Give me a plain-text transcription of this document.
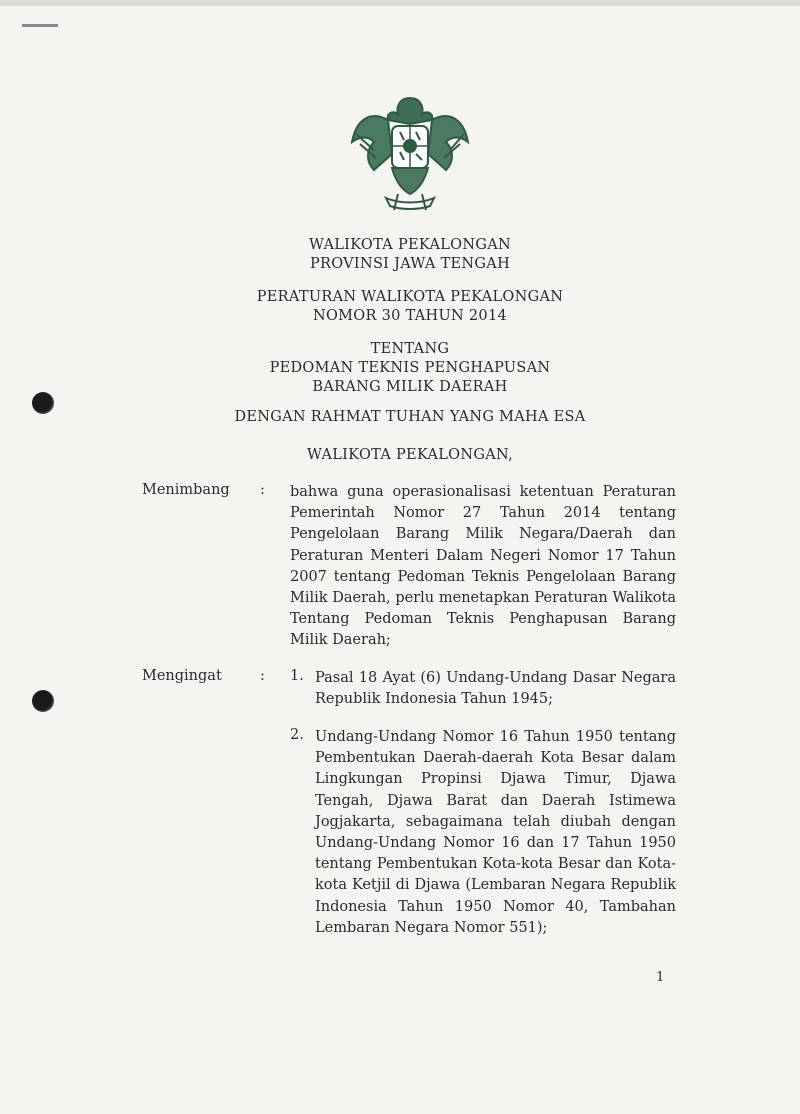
WALIKOTA PEKALONGAN
PROVINSI JAWA TENGAH
PERATURAN WALIKOTA PEKALONGAN
NOMOR 30 TAHUN 2014
TENTANG
PEDOMAN TEKNIS PENGHAPUSAN
BARANG MILIK DAERAH
DENGAN RAHMAT TUHAN YANG MAHA ESA
WALIKOTA PEKALONGAN,
Menimbang : bahwa guna operasionalisasi ketentuan Peraturan Pemerintah Nomor 27 Tahun 2014 tentang Pengelolaan Barang Milik Negara/Daerah dan Peraturan Menteri Dalam Negeri Nomor 17 Tahun 2007 tentang Pedoman Teknis Pengelolaan Barang Milik Daerah, perlu menetapkan Peraturan Walikota Tentang Pedoman Teknis Penghapusan Barang Milik Daerah;
Mengingat	: 1. Pasal 18 Ayat (6) Undang-Undang Dasar Negara Republik Indonesia Tahun 1945;
2. Undang-Undang Nomor 16 Tahun 1950 tentang Pembentukan Daerah-daerah Kota Besar dalam Lingkungan Propinsi Djawa Timur, Djawa Tengah, Djawa Barat dan Daerah Istimewa Jogjakarta, sebagaimana telah diubah dengan Undang-Undang Nomor 16 dan 17 Tahun 1950 tentang Pembentukan Kota-kota Besar dan Kota-kota Ketjil di Djawa (Lembaran Negara Republik Indonesia Tahun 1950 Nomor 40, Tambahan Lembaran Negara Nomor 551);
1
